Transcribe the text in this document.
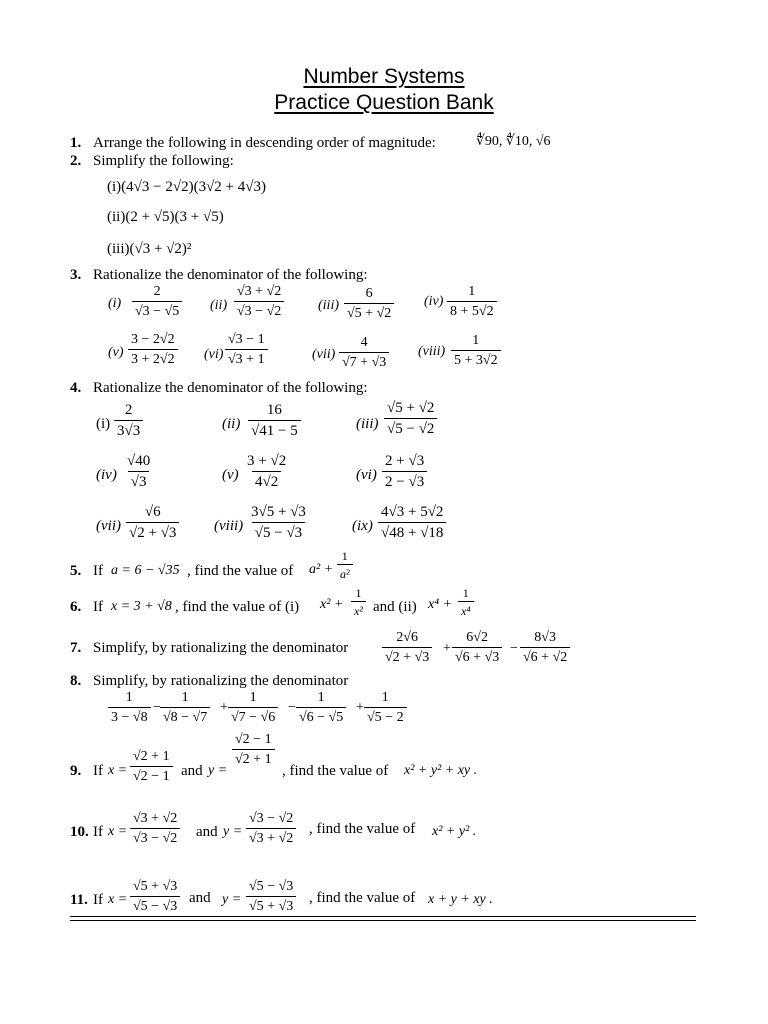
Number Systems
Practice Question Bank
1. Arrange the following in descending order of magnitude:	∜90, ∜10, √6
2. Simplify the following:
(i)(4√3 − 2√2)(3√2 + 4√3)
(ii)(2 + √5)(3 + √5)
(iii)(√3 + √2)²
3. Rationalize the denominator of the following:
$(i) \frac{2}{√3 - √5} (ii) \frac{√3 + √2}{√3 - √2} (iii) \frac{6}{√5 + √2} (iv) \frac{1}{8 + 5√2}$
$(v) \frac{3 - 2√2}{3 + 2√2} (vi) \frac{√3 - 1}{√3 + 1}$	$(vii) \frac{4}{√7 + √3}$ (viii) $\frac{1}{5 + 3√2}$
4. Rationalize the denominator of the following:
$(i) \frac{2}{3√3}$	$(ii) \frac{16}{√41 - 5}$	$(iii) \frac{√5 + √2}{√5 - √2}$
$(iv) \frac{√40}{√3}$	$(v) \frac{3 + √2}{4√2}$	$(vi) \frac{2 + √3}{2 - √3}$
$(vii) \frac{√6}{√2 + √3}$ (viii) $\frac{3√5 + √3}{√5 - √3}$	$(ix) \frac{4√3 + 5√2}{√48 + √18}$
5. If a = 6 − √35 , find the value of $a^2 + \frac{1}{\text{a²}}$
6. If x = 3 + √8 , find the value of (i) $x^2 + \frac{1}{\text{x²}}$ and (ii) $x^4 + \frac{1}{\text{x⁴}}$
7. Simplify, by rationalizing the denominator $\frac{2√6}{√2 + √3} + \frac{6√2}{√6 + √3} - \frac{8√3}{√6 + √2}$
8. Simplify, by rationalizing the denominator
$\frac{1}{3 - √8} - \frac{1}{√8 - √7} + \frac{1}{√7 - √6} - \frac{1}{√6 - √5} + \frac{1}{√5 - 2}$
9. If $x = \frac{√2 + 1}{√2 - 1}$ and y =
$\frac{√2 - 1}{√2 + 1}$
, find the value of x² + y² + xy .
10. If $x = \frac{√3 + √2}{√3 - √2}$ and $y = \frac{√3 - √2}{√3 + √2}$ , find the value of x² + y² .
11. If $x = \frac{√5 + √3}{√5 - √3}$ and $y = \frac{√5 - √3}{√5 + √3}$ , find the value of x + y + xy .
